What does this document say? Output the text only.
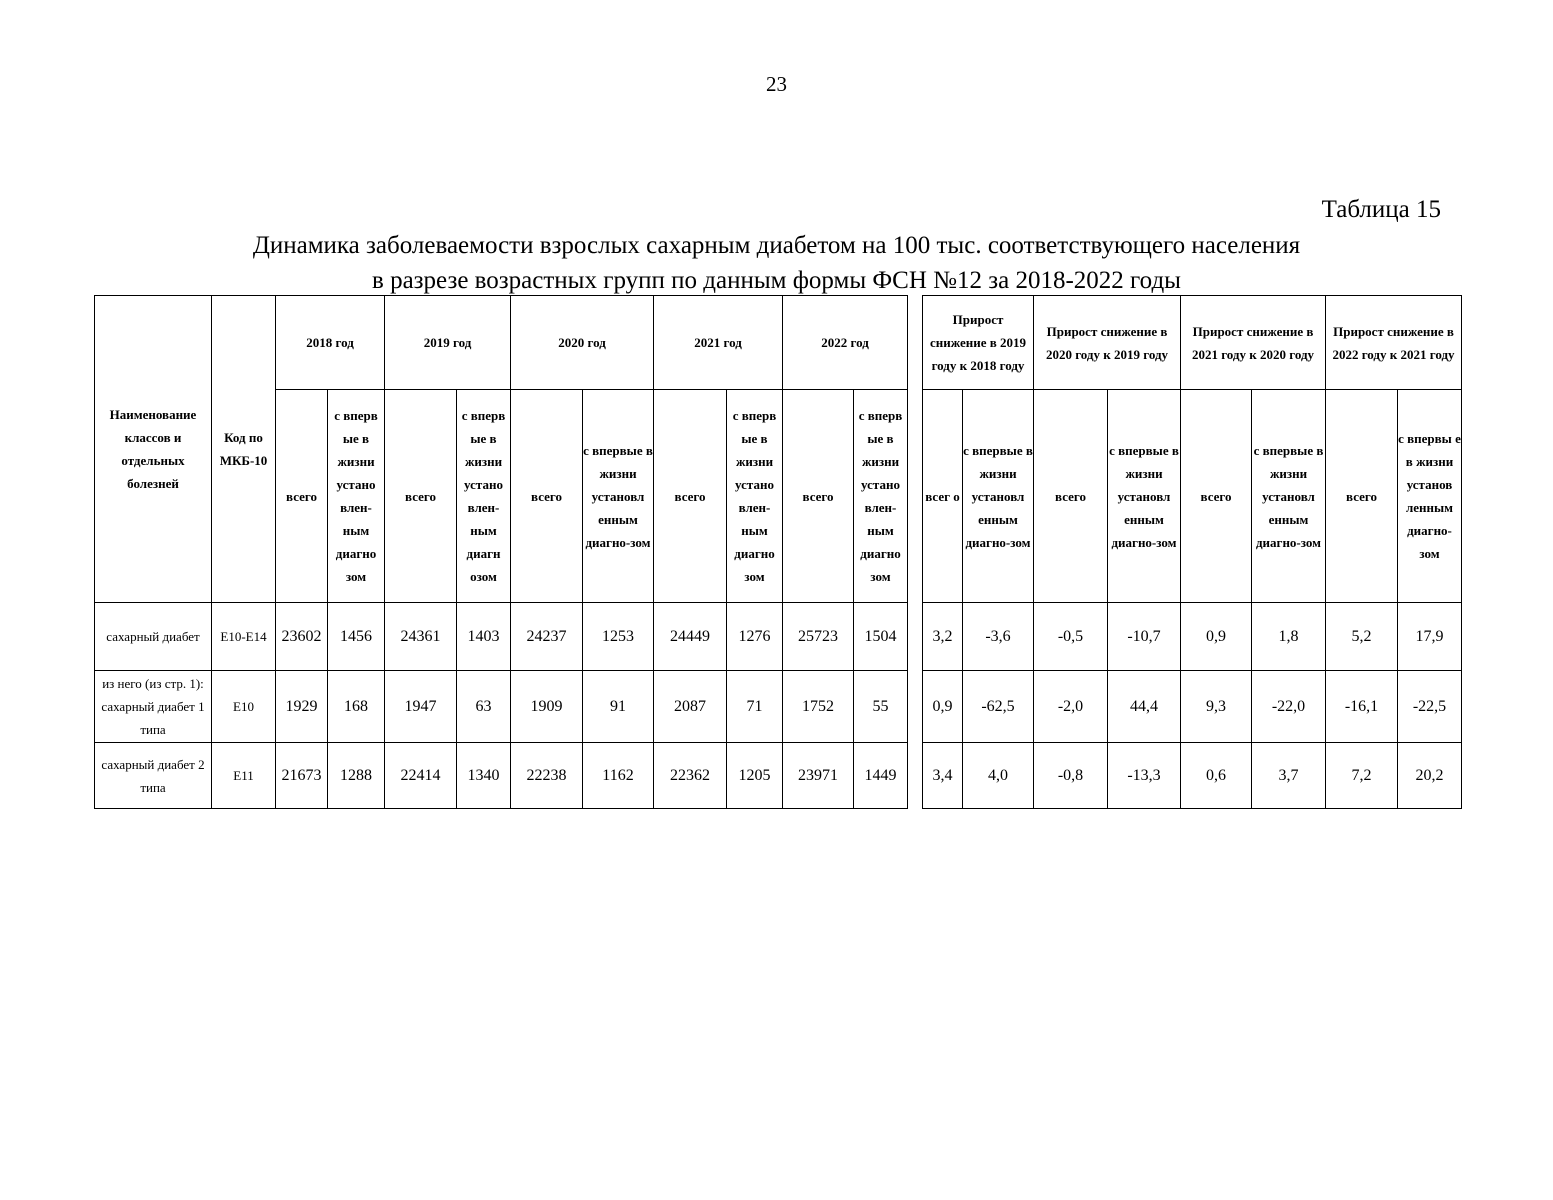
23
Таблица 15
Динамика заболеваемости взрослых сахарным диабетом на 100 тыс. соответствующего населения
в разрезе возрастных групп по данным формы ФСН №12 за 2018-2022 годы
Наименование классов и отдельных болезней	Код по МКБ-10	2018 год		2019 год		2020 год		2021 год		2022 год	
		всего	с вперв ые в жизни устано влен-ным диагно зом	всего	с вперв ые в жизни устано влен-ным диагн озом	всего	с впервые в жизни установл енным диагно-зом	всего	с вперв ые в жизни устано влен-ным диагно зом	всего	с вперв ые в жизни устано влен-ным диагно зом
сахарный диабет	E10-E14	23602	1456	24361	1403	24237	1253	24449	1276	25723	1504
из него (из стр. 1): сахарный диабет 1 типа	E10	1929	168	1947	63	1909	91	2087	71	1752	55
сахарный диабет 2 типа	E11	21673	1288	22414	1340	22238	1162	22362	1205	23971	1449
Прирост снижение в 2019 году к 2018 году		Прирост снижение в 2020 году к 2019 году		Прирост снижение в 2021 году к 2020 году		Прирост снижение в 2022 году к 2021 году	
всег о	с впервые в жизни установл енным диагно-зом	всего	с впервые в жизни установл енным диагно-зом	всего	с впервые в жизни установл енным диагно-зом	всего	с впервы е в жизни установ ленным диагно-зом
3,2	-3,6	-0,5	-10,7	0,9	1,8	5,2	17,9
0,9	-62,5	-2,0	44,4	9,3	-22,0	-16,1	-22,5
3,4	4,0	-0,8	-13,3	0,6	3,7	7,2	20,2
